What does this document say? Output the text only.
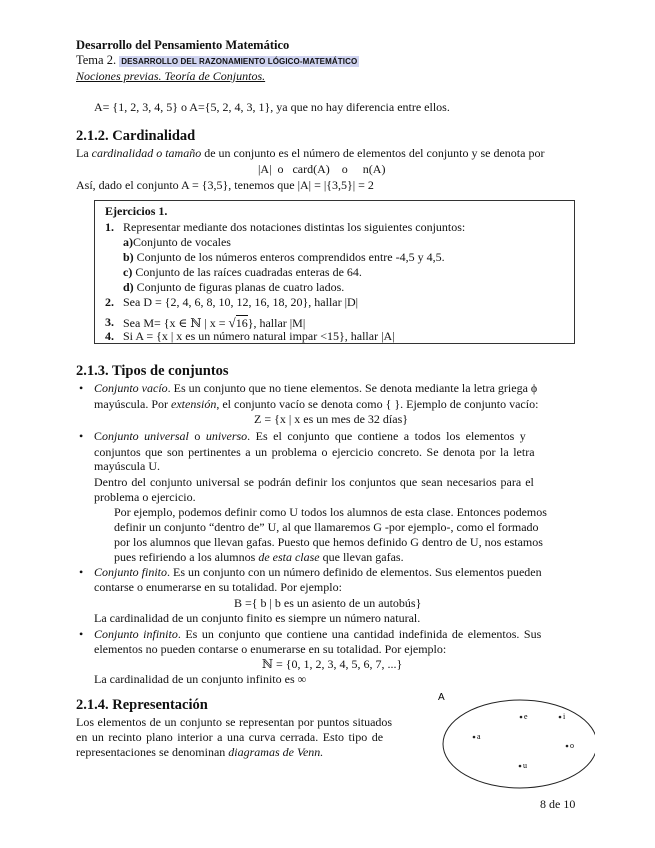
Desarrollo del Pensamiento Matemático
Tema 2. DESARROLLO DEL RAZONAMIENTO LÓGICO-MATEMÁTICO
Nociones previas. Teoría de Conjuntos.
A= {1, 2, 3, 4, 5} o A={5, 2, 4, 3, 1}, ya que no hay diferencia entre ellos.
2.1.2. Cardinalidad
La cardinalidad o tamaño de un conjunto es el número de elementos del conjunto y se denota por
|A|  o   card(A)    o     n(A)
Así, dado el conjunto A = {3,5}, tenemos que |A| = |{3,5}| = 2
Ejercicios 1.
1. Representar mediante dos notaciones distintas los siguientes conjuntos:
a)Conjunto de vocales
b) Conjunto de los números enteros comprendidos entre -4,5 y 4,5.
c) Conjunto de las raíces cuadradas enteras de 64.
d) Conjunto de figuras planas de cuatro lados.
2. Sea D = {2, 4, 6, 8, 10, 12, 16, 18, 20}, hallar |D|
3. Sea M= {x ∈ ℕ | x = √16}, hallar |M|
4. Si A = {x | x es un número natural impar <15}, hallar |A|
2.1.3. Tipos de conjuntos
• Conjunto vacío. Es un conjunto que no tiene elementos. Se denota mediante la letra griega ϕ
mayúscula. Por extensión, el conjunto vacío se denota como { }. Ejemplo de conjunto vacío:
Z = {x | x es un mes de 32 días}
• Conjunto universal o universo. Es el conjunto que contiene a todos los elementos y
conjuntos que son pertinentes a un problema o ejercicio concreto. Se denota por la letra
mayúscula U.
Dentro del conjunto universal se podrán definir los conjuntos que sean necesarios para el
problema o ejercicio.
Por ejemplo, podemos definir como U todos los alumnos de esta clase. Entonces podemos
definir un conjunto “dentro de” U, al que llamaremos G -por ejemplo-, como el formado
por los alumnos que llevan gafas. Puesto que hemos definido G dentro de U, nos estamos
pues refiriendo a los alumnos de esta clase que llevan gafas.
• Conjunto finito. Es un conjunto con un número definido de elementos. Sus elementos pueden
contarse o enumerarse en su totalidad. Por ejemplo:
B ={ b | b es un asiento de un autobús}
La cardinalidad de un conjunto finito es siempre un número natural.
• Conjunto infinito. Es un conjunto que contiene una cantidad indefinida de elementos. Sus
elementos no pueden contarse o enumerarse en su totalidad. Por ejemplo:
ℕ = {0, 1, 2, 3, 4, 5, 6, 7, ...}
La cardinalidad de un conjunto infinito es ∞
2.1.4. Representación
Los elementos de un conjunto se representan por puntos situados
en un recinto plano interior a una curva cerrada. Esto tipo de
representaciones se denominan diagramas de Venn.
A
a
e	i
o
u
8 de 10
